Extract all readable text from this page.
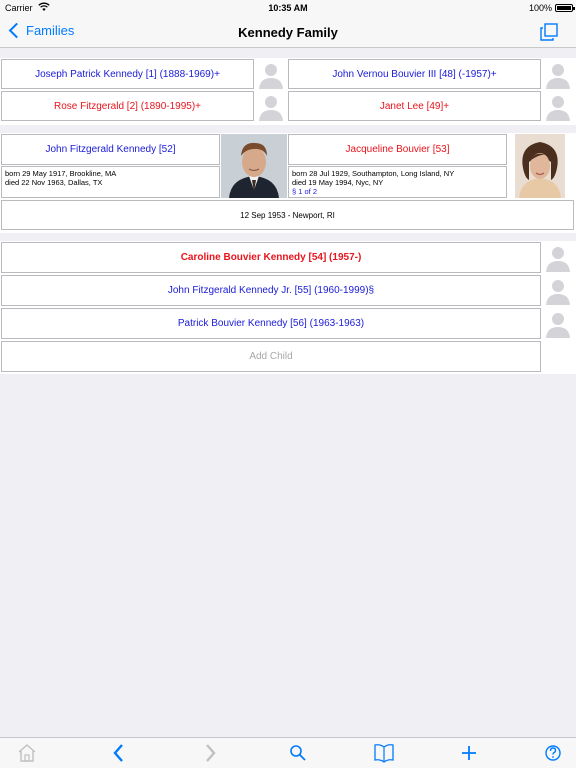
Carrier	10:35 AM	100%
Families	Kennedy Family
Joseph Patrick Kennedy [1] (1888-1969)+	John Vernou Bouvier III [48] (-1957)+
Rose Fitzgerald [2] (1890-1995)+	Janet Lee [49]+
John Fitzgerald Kennedy [52]
born 29 May 1917, Brookline, MA
died 22 Nov 1963, Dallas, TX
Jacqueline Bouvier [53]
born 28 Jul 1929, Southampton, Long Island, NY
died 19 May 1994, Nyc, NY
§ 1 of 2
12 Sep 1953 - Newport, RI
Caroline Bouvier Kennedy [54] (1957-)
John Fitzgerald Kennedy Jr. [55] (1960-1999)§
Patrick Bouvier Kennedy [56] (1963-1963)
Add Child
